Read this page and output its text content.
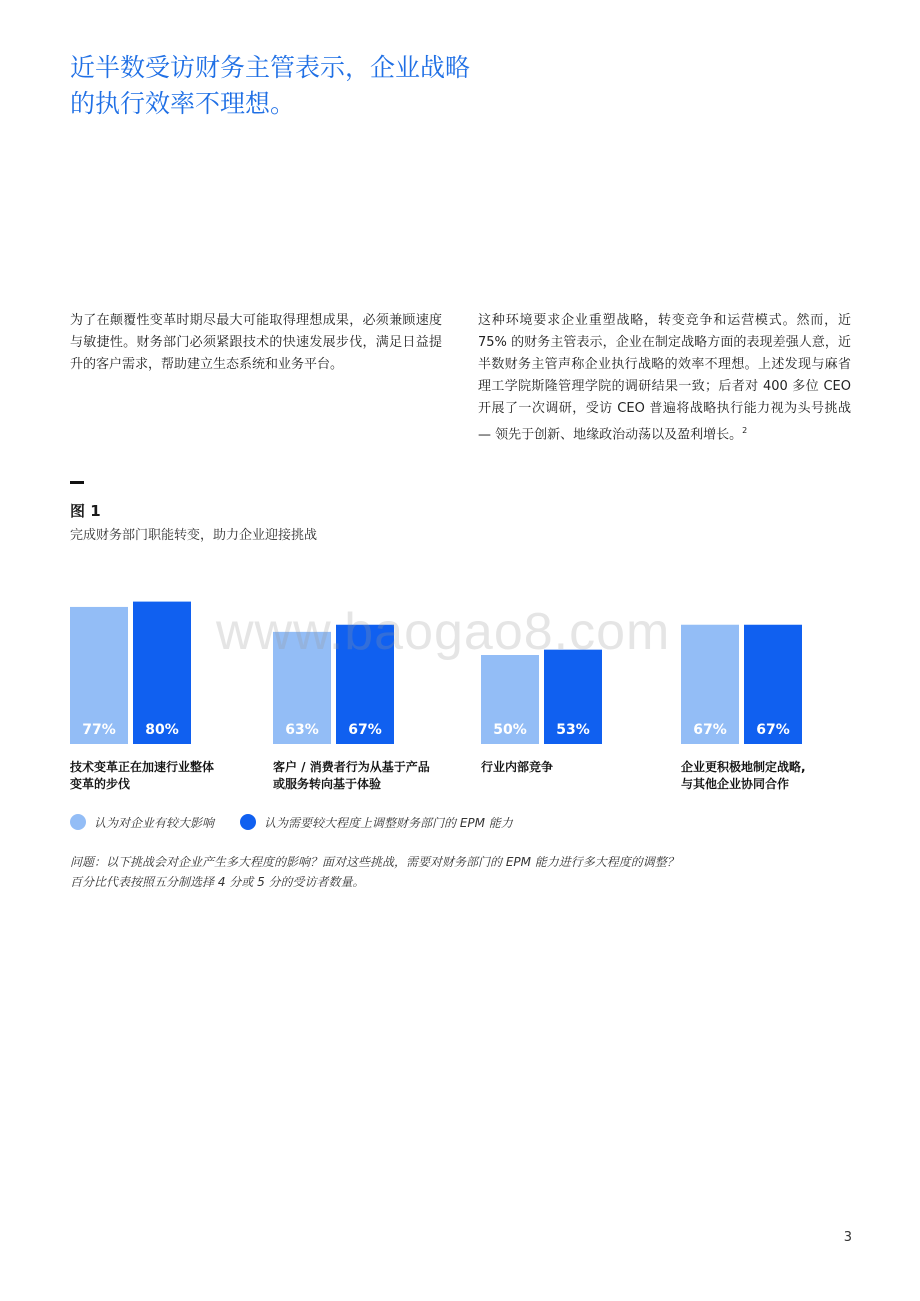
近半数受访财务主管表示，企业战略的执行效率不理想。

为了在颠覆性变革时期尽最大可能取得理想成果，必须兼顾速度与敏捷性。财务部门必须紧跟技术的快速发展步伐，满足日益提升的客户需求，帮助建立生态系统和业务平台。

这种环境要求企业重塑战略，转变竞争和运营模式。然而，近 75% 的财务主管表示，企业在制定战略方面的表现差强人意，近半数财务主管声称企业执行战略的效率不理想。上述发现与麻省理工学院斯隆管理学院的调研结果一致；后者对 400 多位 CEO 开展了一次调研，受访 CEO 普遍将战略执行能力视为头号挑战 — 领先于创新、地缘政治动荡以及盈利增长。$^2$

图 1

完成财务部门职能转变，助力企业迎接挑战

77% 80%
技术变革正在加速行业整体
变革的步伐
63% 67%
客户 / 消费者行为从基于产品
或服务转向基于体验
50% 53%
行业内部竞争
67% 67%
企业更积极地制定战略,
与其他企业协同合作
认为对企业有较大影响	认为需要较大程度上调整财务部门的 EPM 能力

问题：以下挑战会对企业产生多大程度的影响？面对这些挑战，需要对财务部门的 EPM 能力进行多大程度的调整？
百分比代表按照五分制选择 4 分或 5 分的受访者数量。

www.baogao8.com
3
